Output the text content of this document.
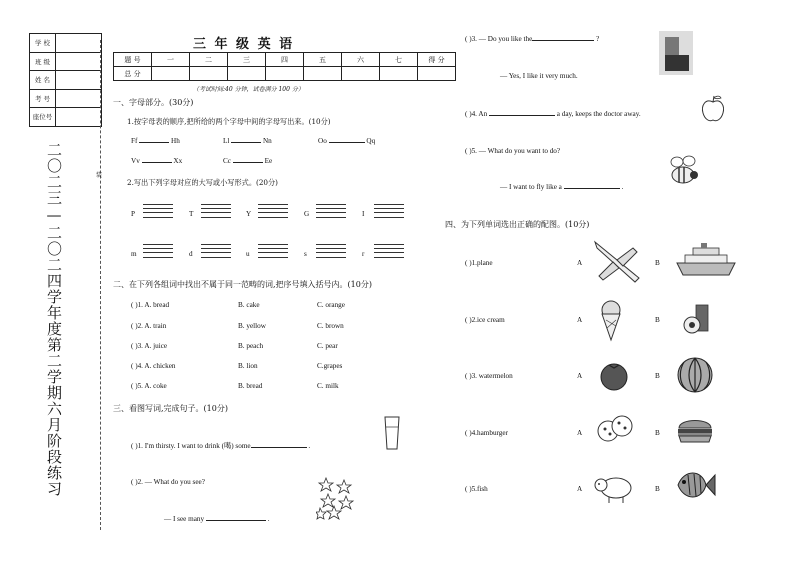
学 校	
班 级	
姓 名	
考 号	
座位号	
二〇二三—二〇二四学年度第二学期六月阶段练习	装
三 年 级 英 语
题 号	一	二	三	四	五	六	七	得 分
总 分								
（考试时间:40 分钟，试卷满分 100 分）
一、字母部分。(30分)
1.按字母表的顺序,把所给的两个字母中间的字母写出来。(10分)
Ff	Hh	Ll	Nn	Oo	Qq
Vv	Xx	Cc	Ee
2.写出下列字母对应的大写或小写形式。(20分)
P	T	Y	G	I
m	d	u	s	r
二、在下列各组词中找出不属于同一范畴的词,把序号填入括号内。(10分)
( )1. A. bread	B. cake	C. orange
( )2. A. train	B. yellow	C. brown
( )3. A. juice	B. peach	C. pear
( )4. A. chicken	B. lion	C.grapes
( )5. A. coke	B. bread	C. milk
三、看图写词,完成句子。(10分)
( )1. I'm thirsty. I want to drink (喝) some	.
( )2. — What do you see?
— I see many	.
( )3. — Do you like the	?
— Yes, I like it very much.
( )4. An	a day, keeps the doctor away.
( )5. — What do you want to do?
— I want to fly like a	.
四、为下列单词选出正确的配图。(10分)
( )1.plane	A	B
( )2.ice cream	A	B
( )3. watermelon	A	B
( )4.hamburger	A	B
( )5.fish	A	B
